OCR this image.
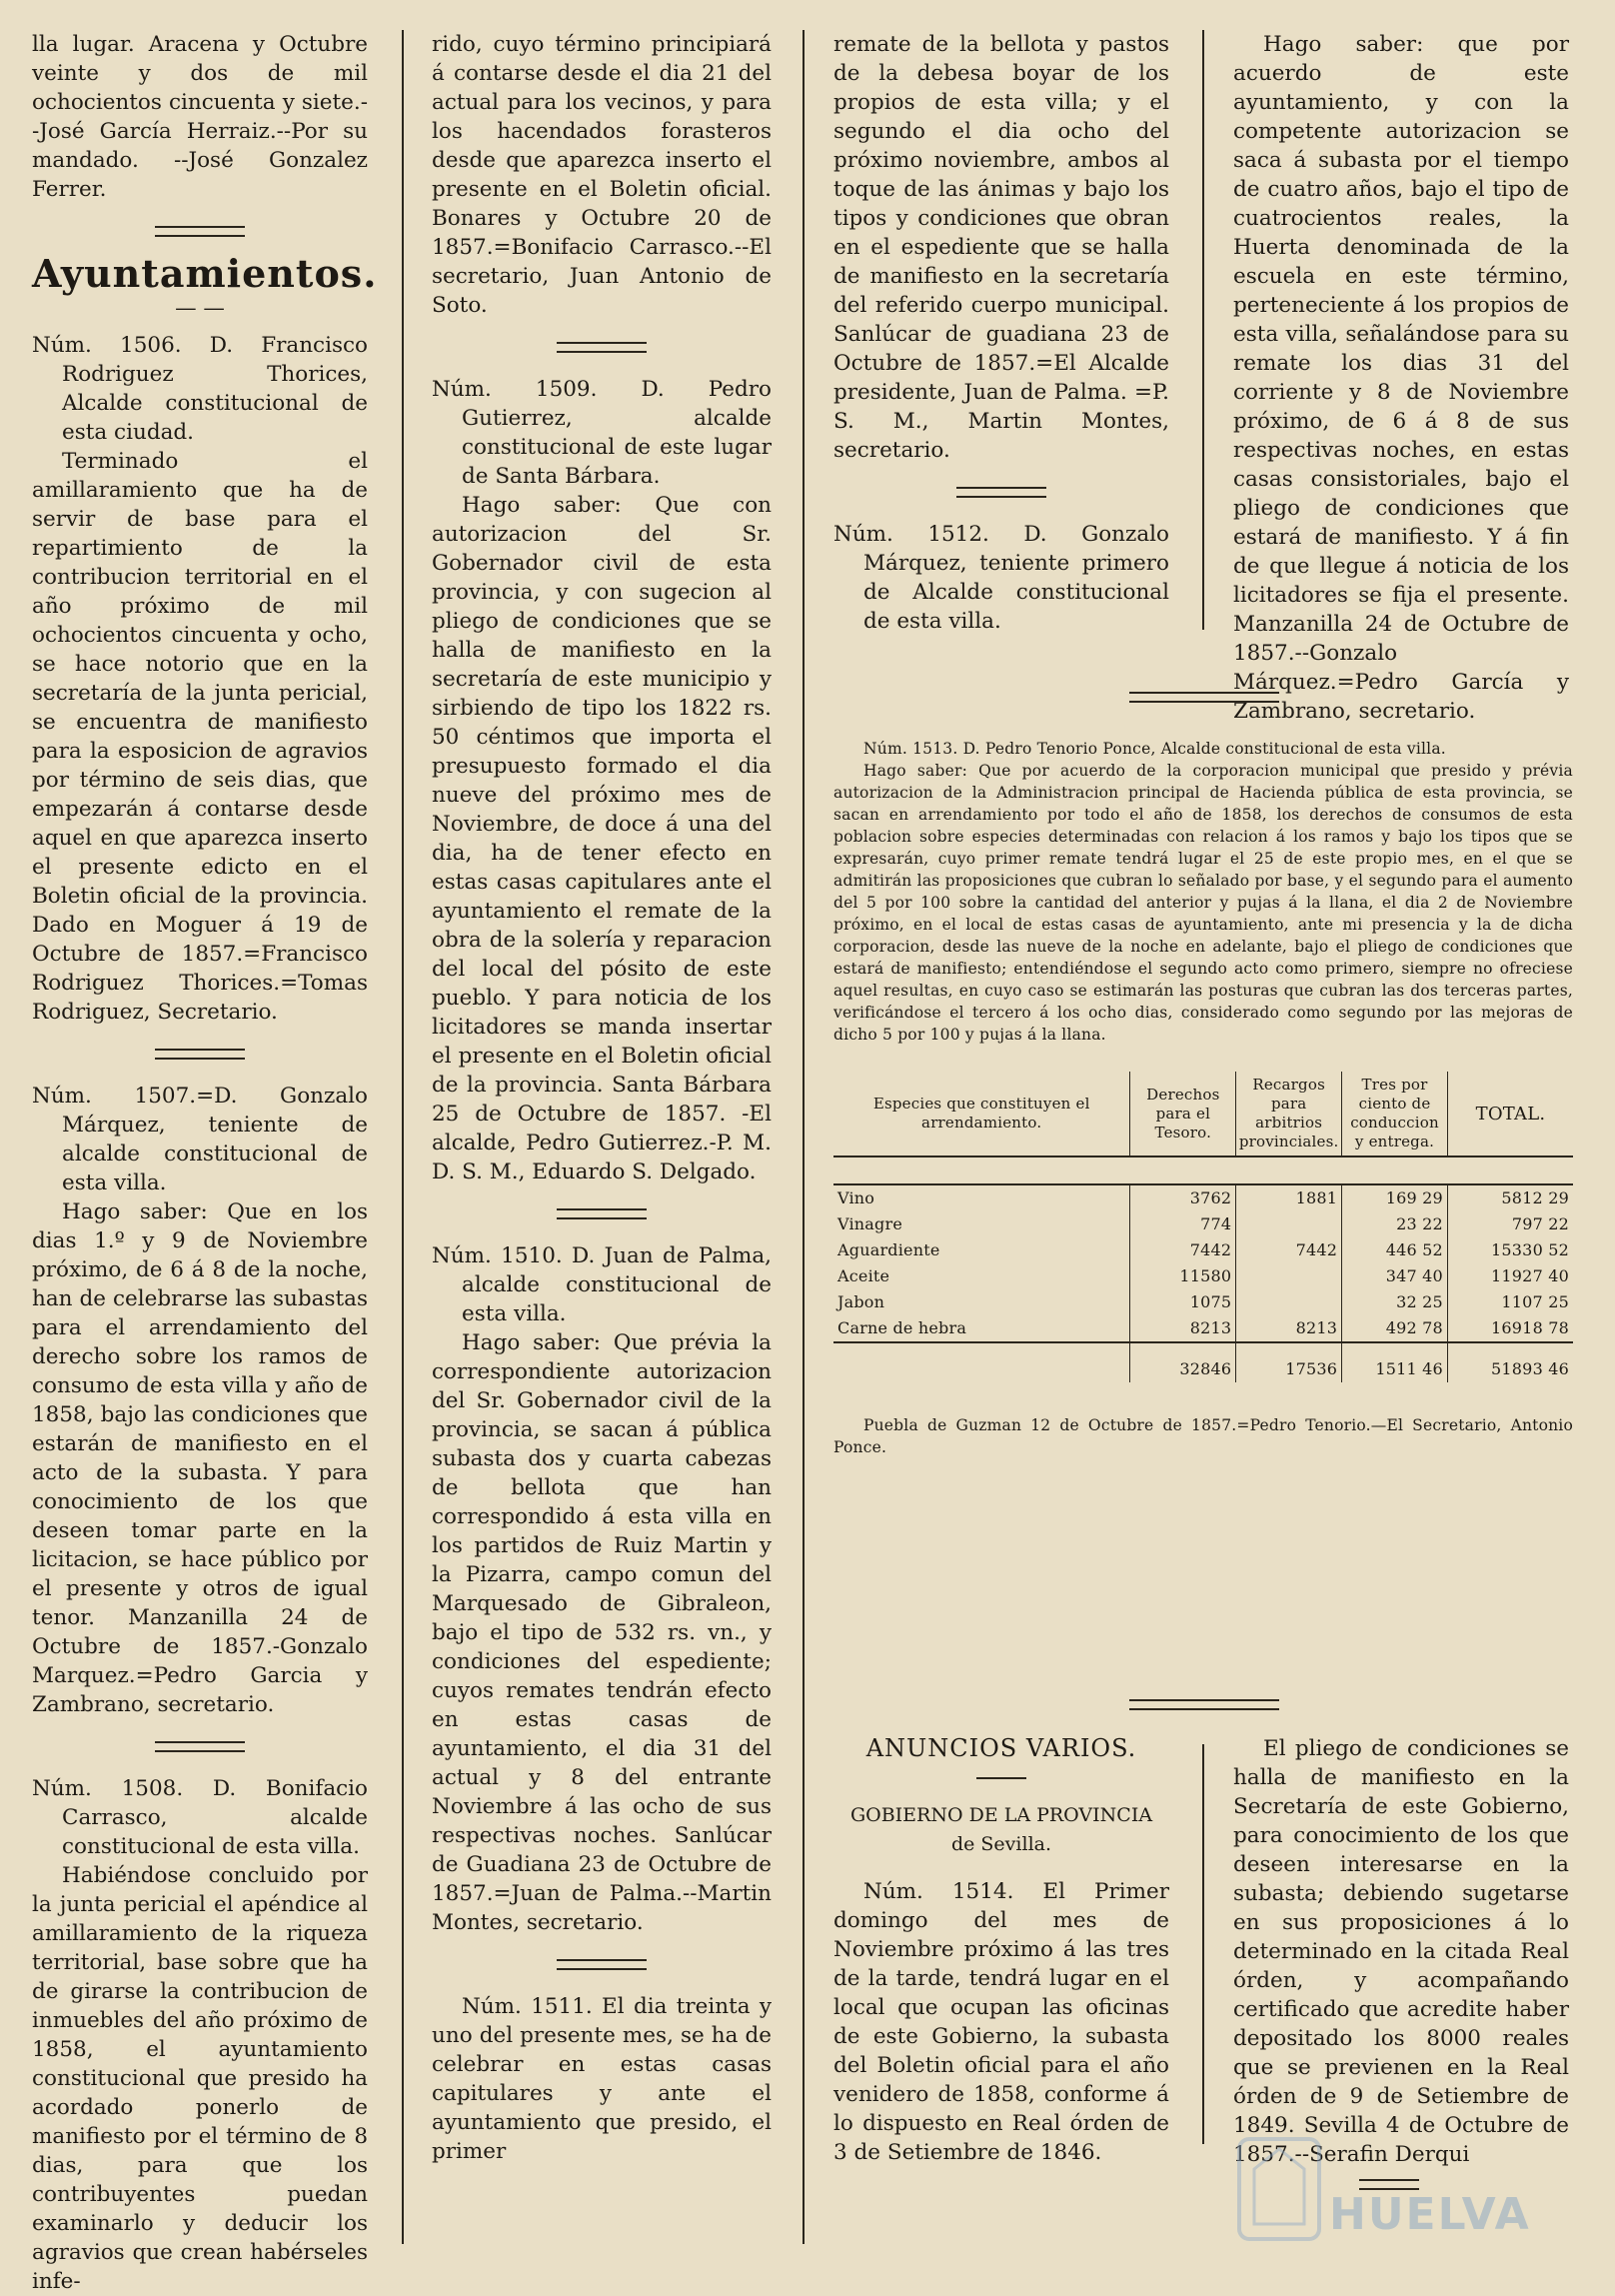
lla lugar. Aracena y Octubre veinte y dos de mil ochocientos cincuenta y siete.--José García Herraiz.--Por su mandado. --José Gonzalez Ferrer.

Ayuntamientos.
— —

Núm. 1506. D. Francisco Rodriguez Thorices, Alcalde constitucional de esta ciudad.

Terminado el amillaramiento que ha de servir de base para el repartimiento de la contribucion territorial en el año próximo de mil ochocientos cincuenta y ocho, se hace notorio que en la secretaría de la junta pericial, se encuentra de manifiesto para la esposicion de agravios por término de seis dias, que empezarán á contarse desde aquel en que aparezca inserto el presente edicto en el Boletin oficial de la provincia. Dado en Moguer á 19 de Octubre de 1857.=Francisco Rodriguez Thorices.=Tomas Rodriguez, Secretario.

Núm. 1507.=D. Gonzalo Márquez, teniente de alcalde constitucional de esta villa.

Hago saber: Que en los dias 1.º y 9 de Noviembre próximo, de 6 á 8 de la noche, han de celebrarse las subastas para el arrendamiento del derecho sobre los ramos de consumo de esta villa y año de 1858, bajo las condiciones que estarán de manifiesto en el acto de la subasta. Y para conocimiento de los que deseen tomar parte en la licitacion, se hace público por el presente y otros de igual tenor. Manzanilla 24 de Octubre de 1857.-Gonzalo Marquez.=Pedro Garcia y Zambrano, secretario.

Núm. 1508. D. Bonifacio Carrasco, alcalde constitucional de esta villa.

Habiéndose concluido por la junta pericial el apéndice al amillaramiento de la riqueza territorial, base sobre que ha de girarse la contribucion de inmuebles del año próximo de 1858, el ayuntamiento constitucional que presido ha acordado ponerlo de manifiesto por el término de 8 dias, para que los contribuyentes puedan examinarlo y deducir los agravios que crean habérseles infe-

rido, cuyo término principiará á contarse desde el dia 21 del actual para los vecinos, y para los hacendados forasteros desde que aparezca inserto el presente en el Boletin oficial. Bonares y Octubre 20 de 1857.=Bonifacio Carrasco.--El secretario, Juan Antonio de Soto.

Núm. 1509. D. Pedro Gutierrez, alcalde constitucional de este lugar de Santa Bárbara.

Hago saber: Que con autorizacion del Sr. Gobernador civil de esta provincia, y con sugecion al pliego de condiciones que se halla de manifiesto en la secretaría de este municipio y sirbiendo de tipo los 1822 rs. 50 céntimos que importa el presupuesto formado el dia nueve del próximo mes de Noviembre, de doce á una del dia, ha de tener efecto en estas casas capitulares ante el ayuntamiento el remate de la obra de la solería y reparacion del local del pósito de este pueblo. Y para noticia de los licitadores se manda insertar el presente en el Boletin oficial de la provincia. Santa Bárbara 25 de Octubre de 1857. -El alcalde, Pedro Gutierrez.-P. M. D. S. M., Eduardo S. Delgado.

Núm. 1510. D. Juan de Palma, alcalde constitucional de esta villa.

Hago saber: Que prévia la correspondiente autorizacion del Sr. Gobernador civil de la provincia, se sacan á pública subasta dos y cuarta cabezas de bellota que han correspondido á esta villa en los partidos de Ruiz Martin y la Pizarra, campo comun del Marquesado de Gibraleon, bajo el tipo de 532 rs. vn., y condiciones del espediente; cuyos remates tendrán efecto en estas casas de ayuntamiento, el dia 31 del actual y 8 del entrante Noviembre á las ocho de sus respectivas noches. Sanlúcar de Guadiana 23 de Octubre de 1857.=Juan de Palma.--Martin Montes, secretario.

Núm. 1511. El dia treinta y uno del presente mes, se ha de celebrar en estas casas capitulares y ante el ayuntamiento que presido, el primer

remate de la bellota y pastos de la debesa boyar de los propios de esta villa; y el segundo el dia ocho del próximo noviembre, ambos al toque de las ánimas y bajo los tipos y condiciones que obran en el espediente que se halla de manifiesto en la secretaría del referido cuerpo municipal. Sanlúcar de guadiana 23 de Octubre de 1857.=El Alcalde presidente, Juan de Palma. =P. S. M., Martin Montes, secretario.

Núm. 1512. D. Gonzalo Márquez, teniente primero de Alcalde constitucional de esta villa.

Hago saber: que por acuerdo de este ayuntamiento, y con la competente autorizacion se saca á subasta por el tiempo de cuatro años, bajo el tipo de cuatrocientos reales, la Huerta denominada de la escuela en este término, perteneciente á los propios de esta villa, señalándose para su remate los dias 31 del corriente y 8 de Noviembre próximo, de 6 á 8 de sus respectivas noches, en estas casas consistoriales, bajo el pliego de condiciones que estará de manifiesto. Y á fin de que llegue á noticia de los licitadores se fija el presente. Manzanilla 24 de Octubre de 1857.--Gonzalo Márquez.=Pedro García y Zambrano, secretario.

Núm. 1513. D. Pedro Tenorio Ponce, Alcalde constitucional de esta villa.

Hago saber: Que por acuerdo de la corporacion municipal que presido y prévia autorizacion de la Administracion principal de Hacienda pública de esta provincia, se sacan en arrendamiento por todo el año de 1858, los derechos de consumos de esta poblacion sobre especies determinadas con relacion á los ramos y bajo los tipos que se expresarán, cuyo primer remate tendrá lugar el 25 de este propio mes, en el que se admitirán las proposiciones que cubran lo señalado por base, y el segundo para el aumento del 5 por 100 sobre la cantidad del anterior y pujas á la llana, el dia 2 de Noviembre próximo, en el local de estas casas de ayuntamiento, ante mi presencia y la de dicha corporacion, desde las nueve de la noche en adelante, bajo el pliego de condiciones que estará de manifiesto; entendiéndose el segundo acto como primero, siempre no ofreciese aquel resultas, en cuyo caso se estimarán las posturas que cubran las dos terceras partes, verificándose el tercero á los ocho dias, considerado como segundo por las mejoras de dicho 5 por 100 y pujas á la llana.

Especies que constituyen el arrendamiento.	Derechos para el Tesoro.	Recargos para arbitrios provinciales.	Tres por ciento de conduccion y entrega.	TOTAL.

Vino	3762	1881	169 29	5812 29
Vinagre	774		23 22	797 22
Aguardiente	7442	7442	446 52	15330 52
Aceite	11580		347 40	11927 40
Jabon	1075		32 25	1107 25
Carne de hebra	8213	8213	492 78	16918 78
	32846	17536	1511 46	51893 46

Puebla de Guzman 12 de Octubre de 1857.=Pedro Tenorio.—El Secretario, Antonio Ponce.

ANUNCIOS VARIOS.
GOBIERNO DE LA PROVINCIA
de Sevilla.

Núm. 1514. El Primer domingo del mes de Noviembre próximo á las tres de la tarde, tendrá lugar en el local que ocupan las oficinas de este Gobierno, la subasta del Boletin oficial para el año venidero de 1858, conforme á lo dispuesto en Real órden de 3 de Setiembre de 1846.

El pliego de condiciones se halla de manifiesto en la Secretaría de este Gobierno, para conocimiento de los que deseen interesarse en la subasta; debiendo sugetarse en sus proposiciones á lo determinado en la citada Real órden, y acompañando certificado que acredite haber depositado los 8000 reales que se previenen en la Real órden de 9 de Setiembre de 1849. Sevilla 4 de Octubre de 1857.--Serafin Derqui

HUELVA
